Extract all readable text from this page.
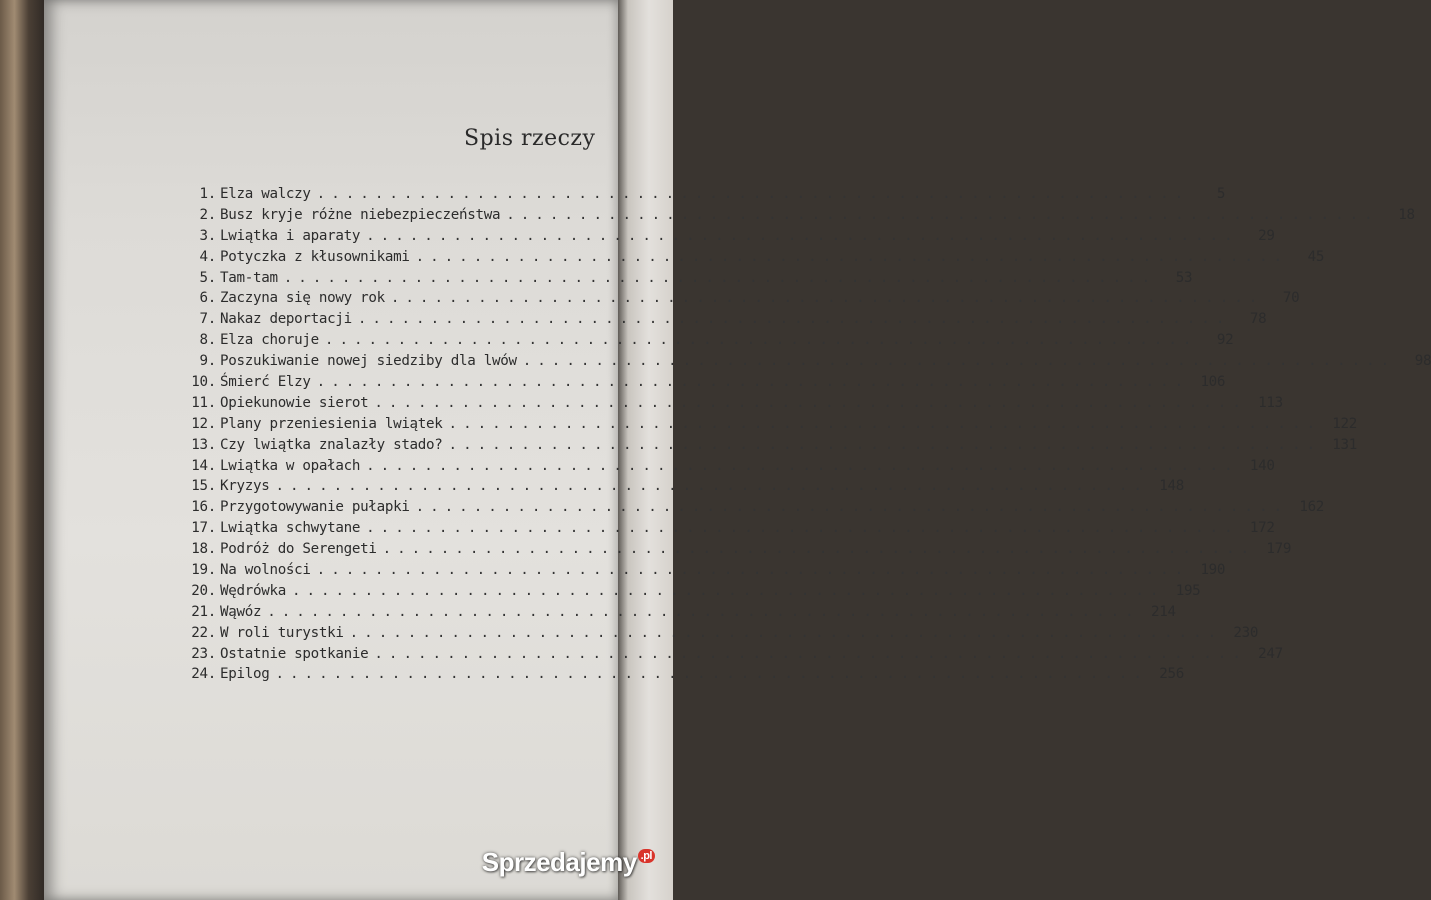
Spis rzeczy
1. Elza walczy ............................................................	5
2. Busz kryje różne niebezpieczeństwa ............................................................	18
3. Lwiątka i aparaty ............................................................	29
4. Potyczka z kłusownikami ............................................................	45
5. Tam-tam ............................................................	53
6. Zaczyna się nowy rok ............................................................	70
7. Nakaz deportacji ............................................................	78
8. Elza choruje ............................................................	92
9. Poszukiwanie nowej siedziby dla lwów ............................................................	98
10. Śmierć Elzy ............................................................ 106
11. Opiekunowie sierot ............................................................ 113
12. Plany przeniesienia lwiątek ............................................................ 122
13. Czy lwiątka znalazły stado? ............................................................ 131
14. Lwiątka w opałach ............................................................ 140
15. Kryzys ............................................................ 148
16. Przygotowywanie pułapki ............................................................ 162
17. Lwiątka schwytane ............................................................ 172
18. Podróż do Serengeti ............................................................ 179
19. Na wolności ............................................................ 190
20. Wędrówka ............................................................ 195
21. Wąwóz ............................................................ 214
22. W roli turystki ............................................................ 230
23. Ostatnie spotkanie ............................................................ 247
24. Epilog ............................................................ 256
Sprzedajemy $^{.pl}$
